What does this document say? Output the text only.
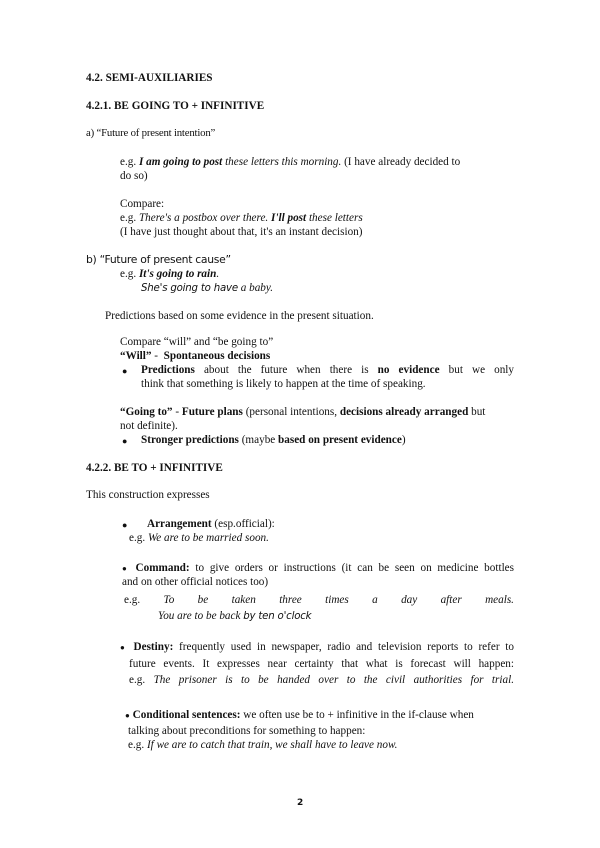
4.2. SEMI-AUXILIARIES
4.2.1. BE GOING TO + INFINITIVE
a) “Future of present intention”
e.g. I am going to post these letters this morning. (I have already decided to
do so)
Compare:
e.g. There's a postbox over there. I'll post these letters
(I have just thought about that, it's an instant decision)
b) “Future of present cause”
e.g. It's going to rain.
She's going to have a baby.
Predictions based on some evidence in the present situation.
Compare “will” and “be going to”
“Will” -  Spontaneous decisions
● Predictions about the future when there is no evidence but we only
think that something is likely to happen at the time of speaking.
“Going to” - Future plans (personal intentions, decisions already arranged but
not definite).
● Stronger predictions (maybe based on present evidence)
4.2.2. BE TO + INFINITIVE
This construction expresses
● Arrangement (esp.official):
e.g. We are to be married soon.
● Command: to give orders or instructions (it can be seen on medicine bottles
and on other official notices too)
e.g. To be taken three times a day after meals.
You are to be back by ten o'clock
● Destiny: frequently used in newspaper, radio and television reports to refer to
future events. It expresses near certainty that what is forecast will happen:
e.g. The prisoner is to be handed over to the civil authorities for trial.
● Conditional sentences: we often use be to + infinitive in the if-clause when
talking about preconditions for something to happen:
e.g. If we are to catch that train, we shall have to leave now.
2
